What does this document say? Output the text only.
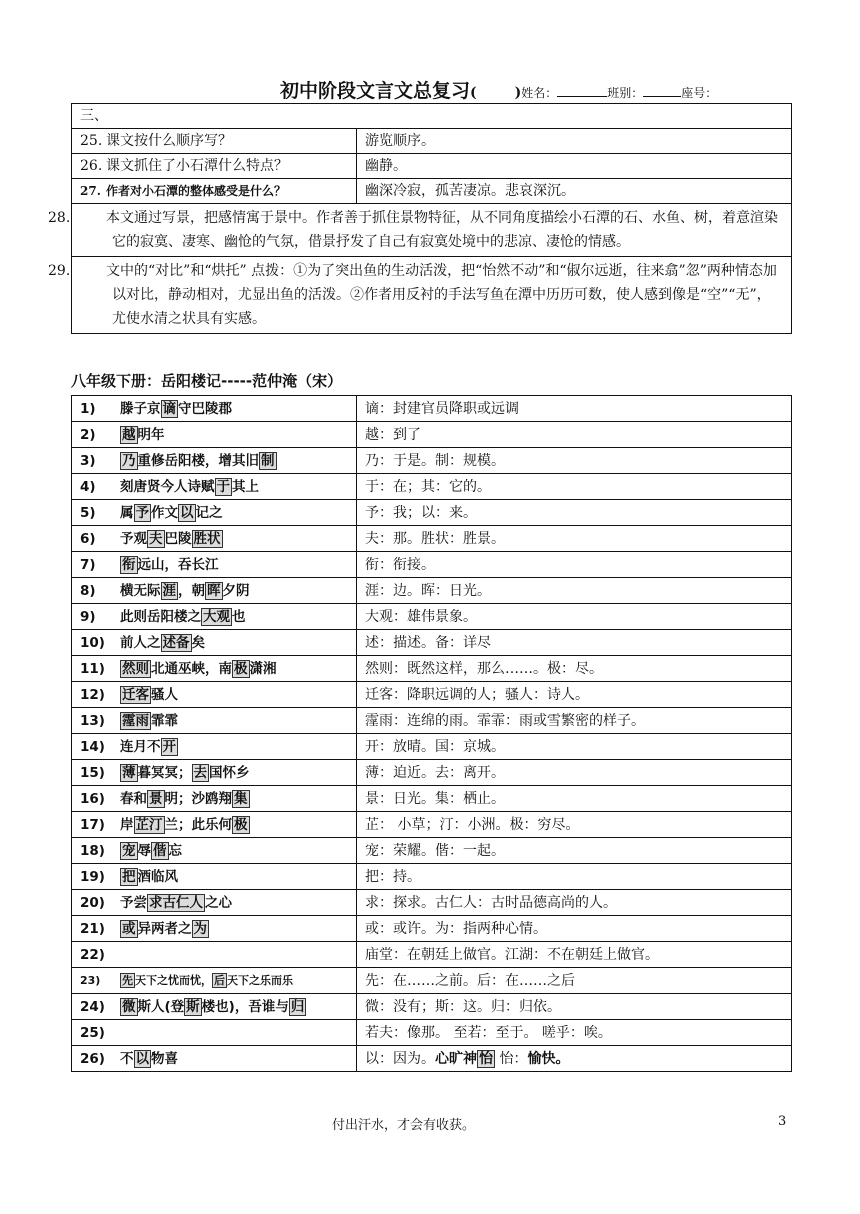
初中阶段文言文总复习(	)姓名：	班别：	座号：
三、	
25. 课文按什么顺序写？	游览顺序。
26. 课文抓住了小石潭什么特点？	幽静。
27. 作者对小石潭的整体感受是什么？	幽深冷寂，孤苦凄凉。悲哀深沉。
28. 本文通过写景，把感情寓于景中。作者善于抓住景物特征，从不同角度描绘小石潭的石、水鱼、树，着意渲染它的寂寞、凄寒、幽怆的气氛，借景抒发了自己有寂寞处境中的悲凉、凄怆的情感。	
29. 文中的“对比”和“烘托” 点拨：①为了突出鱼的生动活泼，把“怡然不动”和“俶尔远逝，往来翕”忽”两种情态加以对比，静动相对，尤显出鱼的活泼。②作者用反衬的手法写鱼在潭中历历可数，使人感到像是“空”“无”，尤使水清之状具有实感。	
八年级下册：岳阳楼记-----范仲淹（宋）
1) 滕子京 谪 守巴陵郡	谪：封建官员降职或远调
2) 越 明年	越：到了
3) 乃 重修岳阳楼，增其旧 制	乃：于是。制：规模。
4) 刻唐贤今人诗赋 于 其上	于：在；其：它的。
5) 属 予 作文 以 记之	予：我；以：来。
6) 予观 夫 巴陵 胜状	夫：那。胜状：胜景。
7) 衔 远山，吞长江	衔：衔接。
8) 横无际 涯 ，朝 晖 夕阴	涯：边。晖：日光。
9) 此则岳阳楼之 大观 也	大观：雄伟景象。
10) 前人之 述备 矣	述：描述。备：详尽
11) 然则 北通巫峡，南 极 潇湘	然则：既然这样，那么……。极：尽。
12) 迁客 骚人	迁客：降职远调的人；骚人：诗人。
13) 霪雨 霏霏	霪雨：连绵的雨。霏霏：雨或雪繁密的样子。
14) 连月不 开	开：放晴。国：京城。
15) 薄 暮冥冥； 去 国怀乡	薄：迫近。去：离开。
16) 春和 景 明；沙鸥翔 集	景：日光。集：栖止。
17) 岸 芷汀 兰；此乐何 极	芷： 小草；汀：小洲。极：穷尽。
18) 宠 辱 偕 忘	宠：荣耀。偕：一起。
19) 把 酒临风	把：持。
20) 予尝 求古仁人 之心	求：探求。古仁人：古时品德高尚的人。
21) 或 异两者之 为	或：或许。为：指两种心情。
22)	庙堂：在朝廷上做官。江湖：不在朝廷上做官。
23) 先 天下之忧而忧， 后 天下之乐而乐	先：在……之前。后：在……之后
24) 微 斯人(登 斯 楼也)，吾谁与 归	微：没有；斯：这。归：归依。
25)	若夫：像那。 至若：至于。 嗟乎：唉。
26) 不 以 物喜	以：因为。心旷神 怡 怡：愉快。
付出汗水，才会有收获。	3
